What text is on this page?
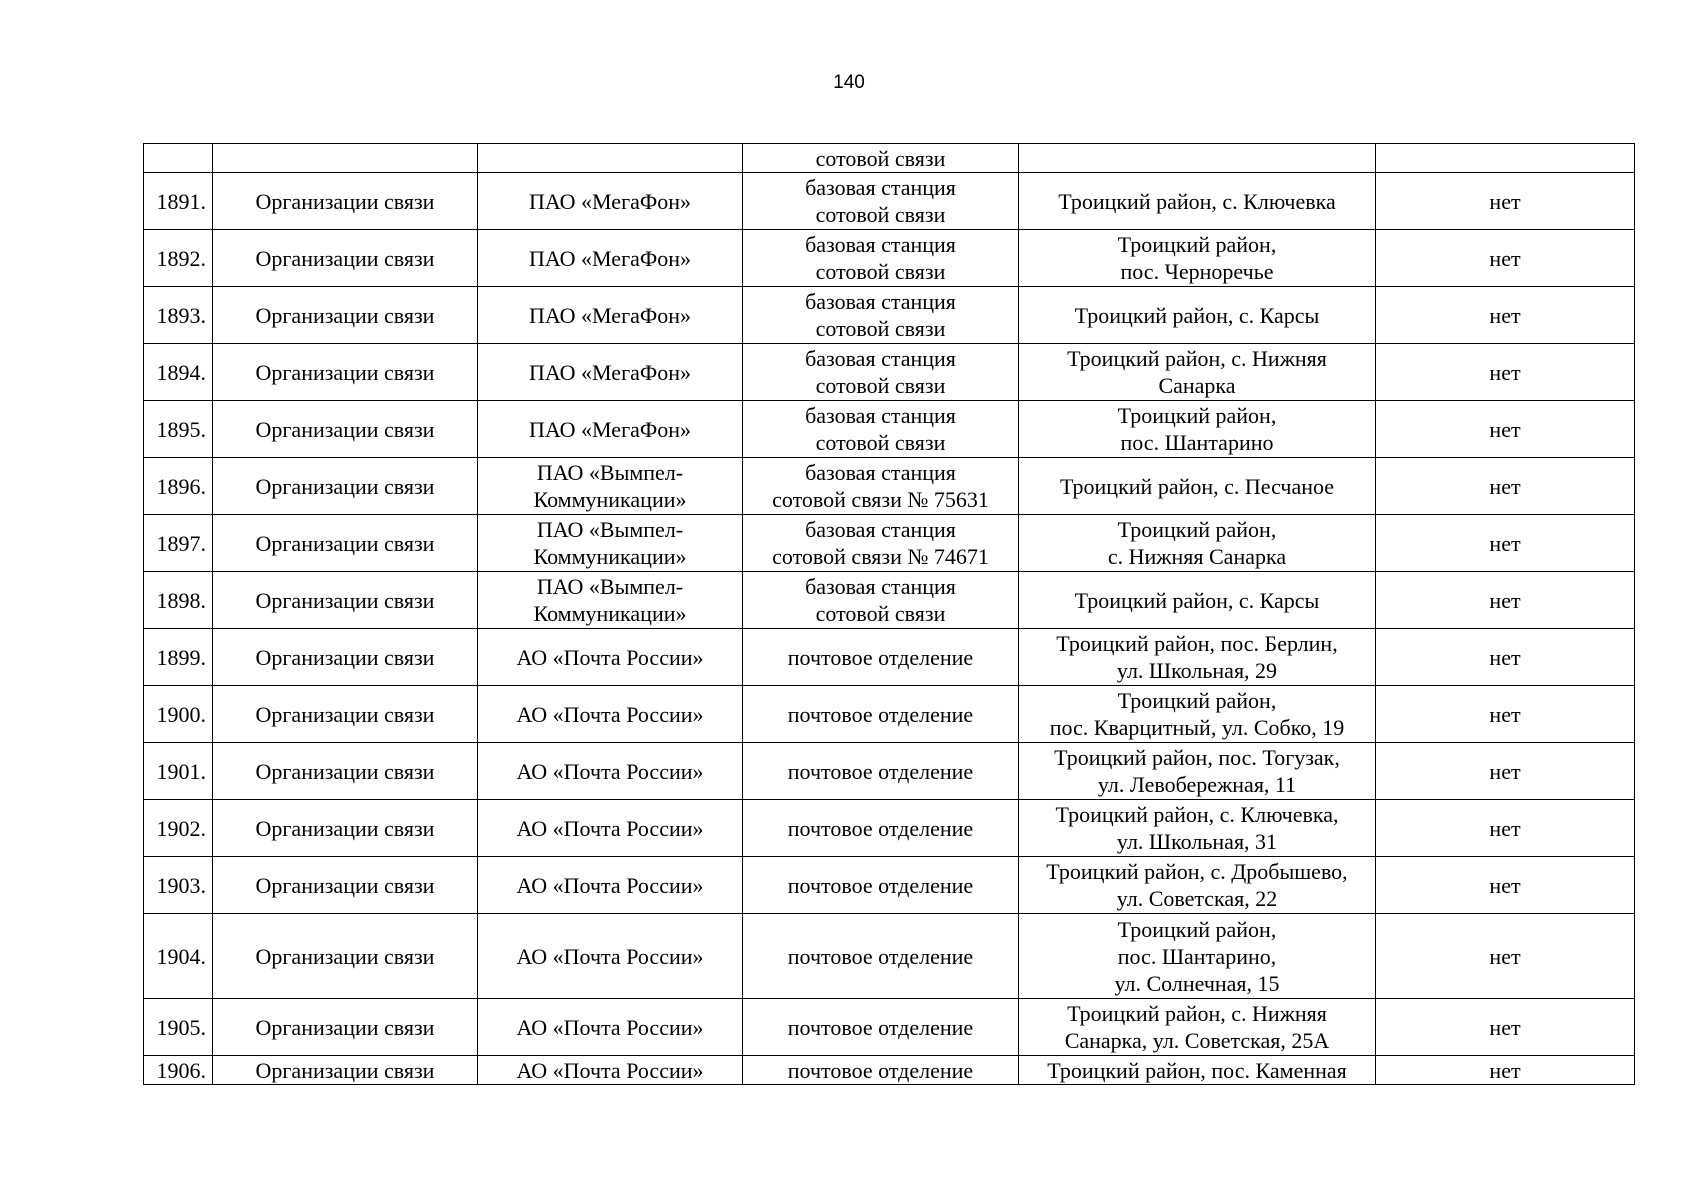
140
			сотовой связи		
1891.	Организации связи	ПАО «МегаФон»	базовая станция
сотовой связи	Троицкий район, с. Ключевка	нет
1892.	Организации связи	ПАО «МегаФон»	базовая станция
сотовой связи	Троицкий район,
пос. Черноречье	нет
1893.	Организации связи	ПАО «МегаФон»	базовая станция
сотовой связи	Троицкий район, с. Карсы	нет
1894.	Организации связи	ПАО «МегаФон»	базовая станция
сотовой связи	Троицкий район, с. Нижняя
Санарка	нет
1895.	Организации связи	ПАО «МегаФон»	базовая станция
сотовой связи	Троицкий район,
пос. Шантарино	нет
1896.	Организации связи	ПАО «Вымпел-
Коммуникации»	базовая станция
сотовой связи № 75631	Троицкий район, с. Песчаное	нет
1897.	Организации связи	ПАО «Вымпел-
Коммуникации»	базовая станция
сотовой связи № 74671	Троицкий район,
с. Нижняя Санарка	нет
1898.	Организации связи	ПАО «Вымпел-
Коммуникации»	базовая станция
сотовой связи	Троицкий район, с. Карсы	нет
1899.	Организации связи	АО «Почта России»	почтовое отделение	Троицкий район, пос. Берлин,
ул. Школьная, 29	нет
1900.	Организации связи	АО «Почта России»	почтовое отделение	Троицкий район,
пос. Кварцитный, ул. Собко, 19	нет
1901.	Организации связи	АО «Почта России»	почтовое отделение	Троицкий район, пос. Тогузак,
ул. Левобережная, 11	нет
1902.	Организации связи	АО «Почта России»	почтовое отделение	Троицкий район, с. Ключевка,
ул. Школьная, 31	нет
1903.	Организации связи	АО «Почта России»	почтовое отделение	Троицкий район, с. Дробышево,
ул. Советская, 22	нет
1904.	Организации связи	АО «Почта России»	почтовое отделение	Троицкий район,
пос. Шантарино,
ул. Солнечная, 15	нет
1905.	Организации связи	АО «Почта России»	почтовое отделение	Троицкий район, с. Нижняя
Санарка, ул. Советская, 25А	нет
1906.	Организации связи	АО «Почта России»	почтовое отделение	Троицкий район, пос. Каменная	нет
